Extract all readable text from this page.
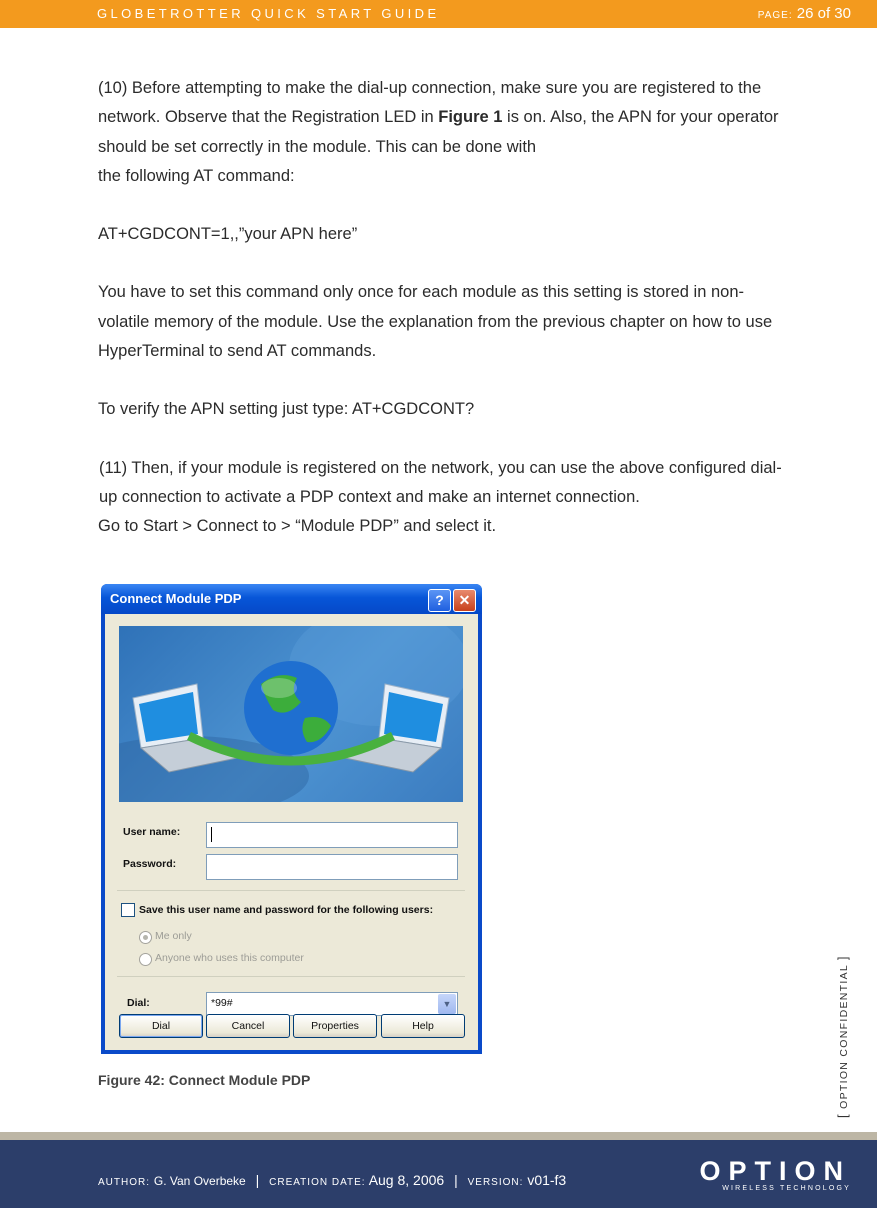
GLOBETROTTER QUICK START GUIDE	PAGE: 26 of 30

(10) Before attempting to make the dial-up connection, make sure you are registered to the network. Observe that the Registration LED in Figure 1 is on. Also, the APN for your operator should be set correctly in the module. This can be done with
the following AT command:

AT+CGDCONT=1,,”your APN here”

You have to set this command only once for each module as this setting is stored in non-volatile memory of the module. Use the explanation from the previous chapter on how to use HyperTerminal to send AT commands.

To verify the APN setting just type: AT+CGDCONT?

(11) Then, if your module is registered on the network, you can use the above configured dial-up connection to activate a PDP context and make an internet connection.

Go to Start > Connect to > “Module PDP” and select it.

Connect Module PDP	?	✕
User name:
Password:
Save this user name and password for the following users:
Me only
Anyone who uses this computer
Dial:	*99#	▼
Dial	Cancel	Properties	Help
Figure 42: Connect Module PDP
[ OPTION CONFIDENTIAL ]
AUTHOR: G. Van Overbeke | CREATION DATE: Aug 8, 2006 | VERSION: v01-f3	OPTION
WIRELESS TECHNOLOGY
